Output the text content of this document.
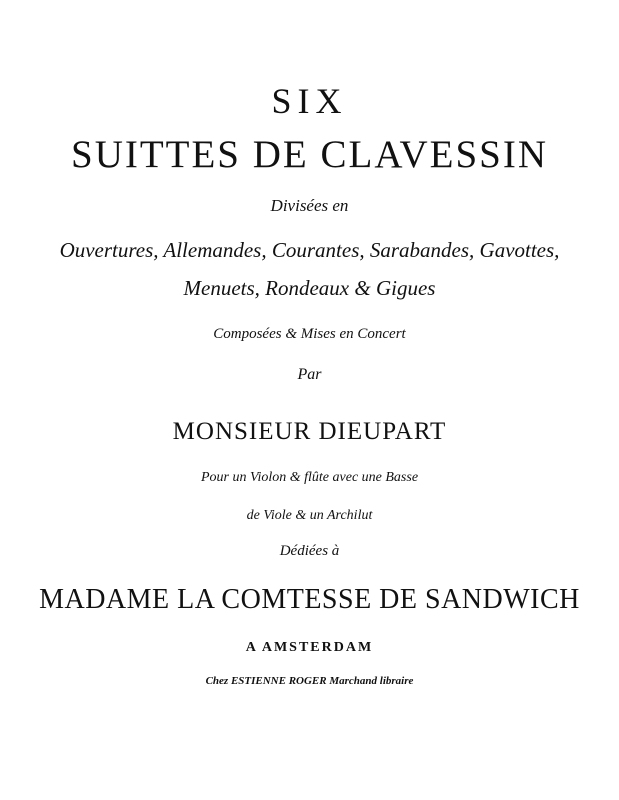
SIX
SUITTES DE CLAVESSIN
Divisées en
Ouvertures, Allemandes, Courantes, Sarabandes, Gavottes,
Menuets, Rondeaux & Gigues
Composées & Mises en Concert
Par
MONSIEUR DIEUPART
Pour un Violon & flûte avec une Basse
de Viole & un Archilut
Dédiées à
MADAME LA COMTESSE DE SANDWICH
A AMSTERDAM
Chez ESTIENNE ROGER Marchand libraire
